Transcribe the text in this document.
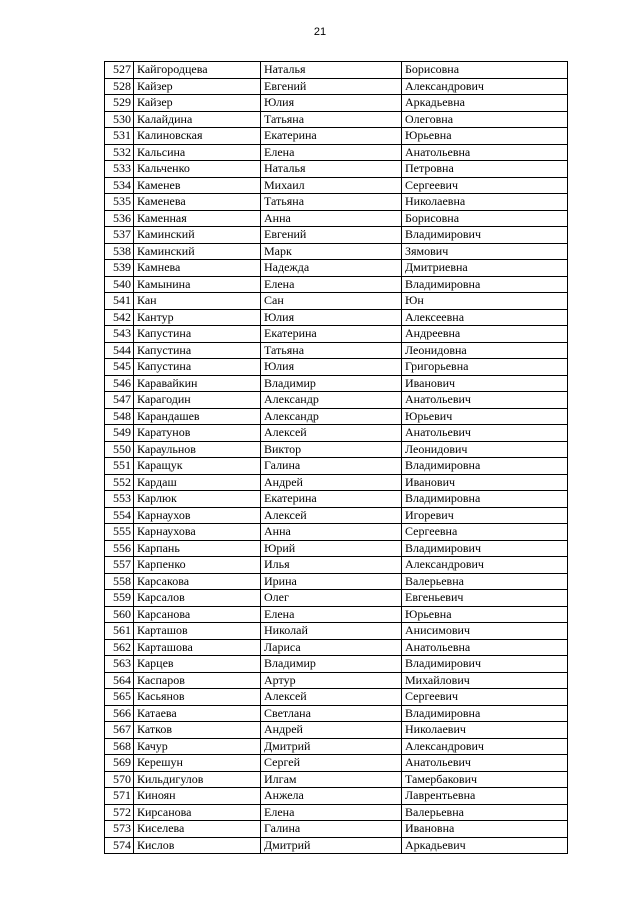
21
527	Кайгородцева	Наталья	Борисовна
528	Кайзер	Евгений	Александрович
529	Кайзер	Юлия	Аркадьевна
530	Калайдина	Татьяна	Олеговна
531	Калиновская	Екатерина	Юрьевна
532	Кальсина	Елена	Анатольевна
533	Кальченко	Наталья	Петровна
534	Каменев	Михаил	Сергеевич
535	Каменева	Татьяна	Николаевна
536	Каменная	Анна	Борисовна
537	Каминский	Евгений	Владимирович
538	Каминский	Марк	Зямович
539	Камнева	Надежда	Дмитриевна
540	Камынина	Елена	Владимировна
541	Кан	Сан	Юн
542	Кантур	Юлия	Алексеевна
543	Капустина	Екатерина	Андреевна
544	Капустина	Татьяна	Леонидовна
545	Капустина	Юлия	Григорьевна
546	Каравайкин	Владимир	Иванович
547	Карагодин	Александр	Анатольевич
548	Карандашев	Александр	Юрьевич
549	Каратунов	Алексей	Анатольевич
550	Караульнов	Виктор	Леонидович
551	Каращук	Галина	Владимировна
552	Кардаш	Андрей	Иванович
553	Карлюк	Екатерина	Владимировна
554	Карнаухов	Алексей	Игоревич
555	Карнаухова	Анна	Сергеевна
556	Карпань	Юрий	Владимирович
557	Карпенко	Илья	Александрович
558	Карсакова	Ирина	Валерьевна
559	Карсалов	Олег	Евгеньевич
560	Карсанова	Елена	Юрьевна
561	Карташов	Николай	Анисимович
562	Карташова	Лариса	Анатольевна
563	Карцев	Владимир	Владимирович
564	Каспаров	Артур	Михайлович
565	Касьянов	Алексей	Сергеевич
566	Катаева	Светлана	Владимировна
567	Катков	Андрей	Николаевич
568	Качур	Дмитрий	Александрович
569	Керешун	Сергей	Анатольевич
570	Кильдигулов	Илгам	Тамербакович
571	Киноян	Анжела	Лаврентьевна
572	Кирсанова	Елена	Валерьевна
573	Киселева	Галина	Ивановна
574	Кислов	Дмитрий	Аркадьевич
